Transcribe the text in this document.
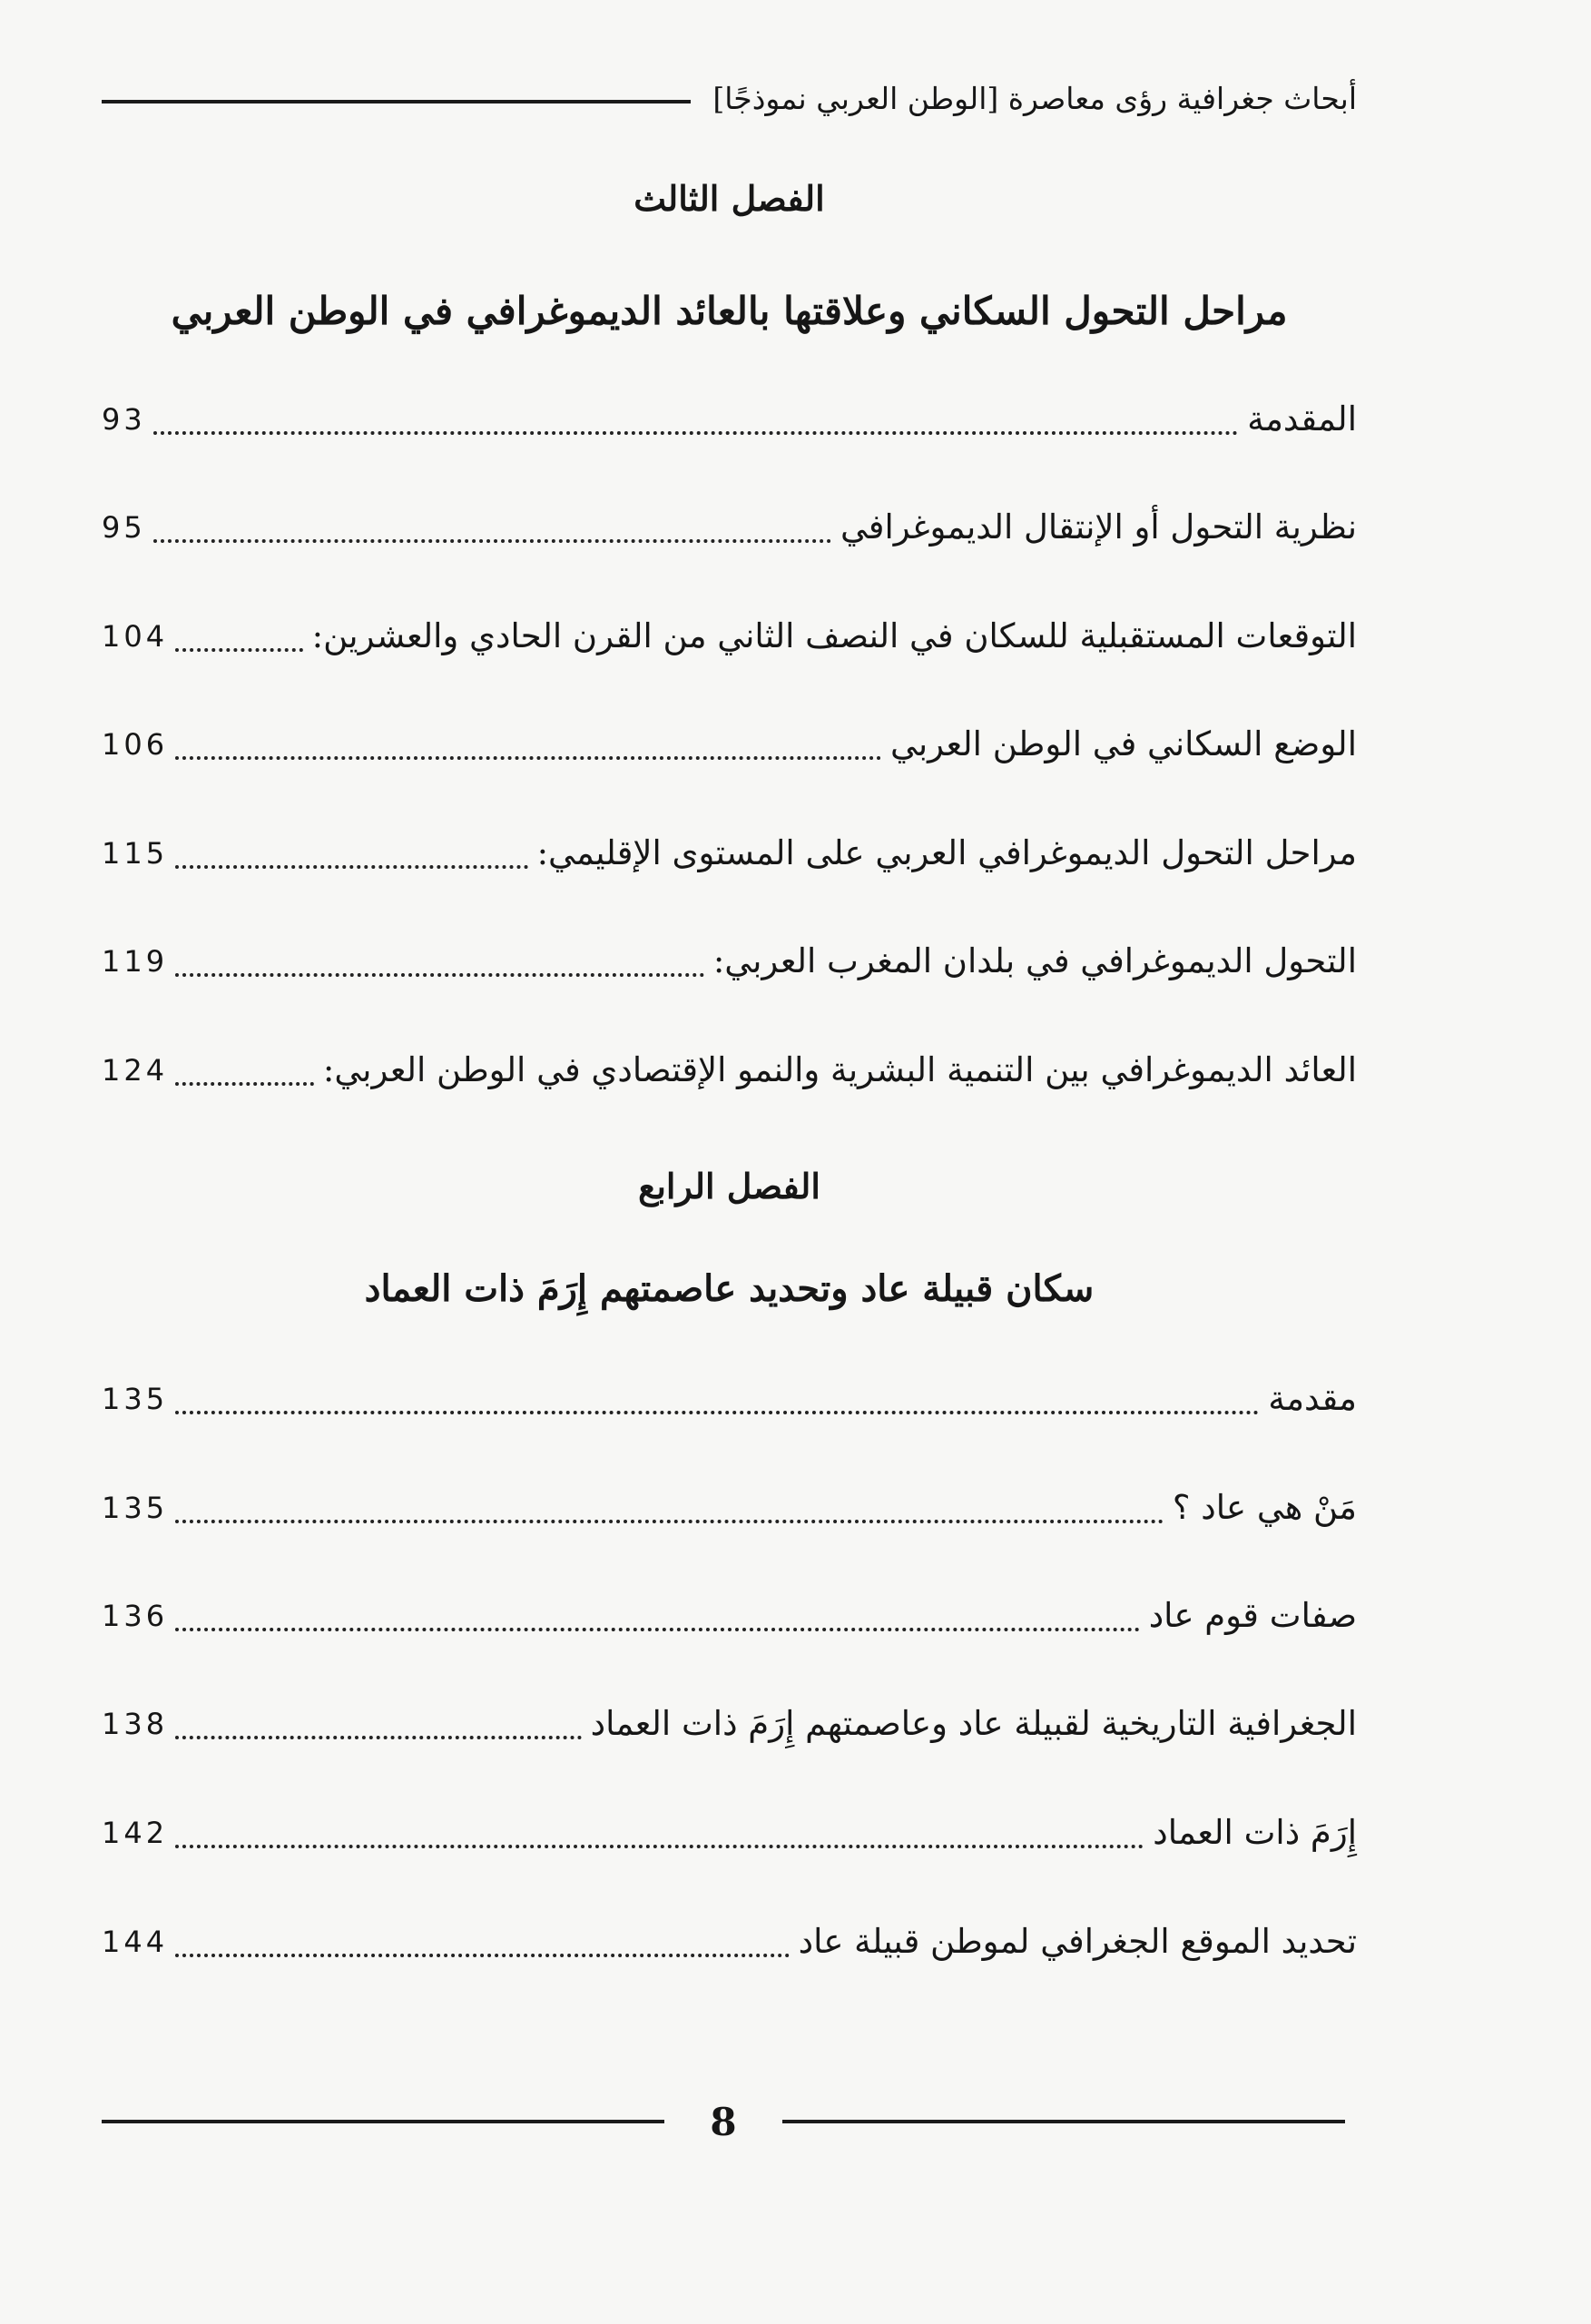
أبحاث جغرافية رؤى معاصرة [الوطن العربي نموذجًا]
الفصل الثالث
مراحل التحول السكاني وعلاقتها بالعائد الديموغرافي في الوطن العربي
المقدمة
93
نظرية التحول أو الإنتقال الديموغرافي
95
التوقعات المستقبلية للسكان في النصف الثاني من القرن الحادي والعشرين:
104
الوضع السكاني في الوطن العربي
106
مراحل التحول الديموغرافي العربي على المستوى الإقليمي:
115
التحول الديموغرافي في بلدان المغرب العربي:
119
العائد الديموغرافي بين التنمية البشرية والنمو الإقتصادي في الوطن العربي:
124
الفصل الرابع
سكان قبيلة عاد وتحديد عاصمتهم إِرَمَ ذات العماد
مقدمة
135
مَنْ هي عاد ؟
135
صفات قوم عاد
136
الجغرافية التاريخية لقبيلة عاد وعاصمتهم إِرَمَ ذات العماد
138
إِرَمَ ذات العماد
142
تحديد الموقع الجغرافي لموطن قبيلة عاد
144
8
